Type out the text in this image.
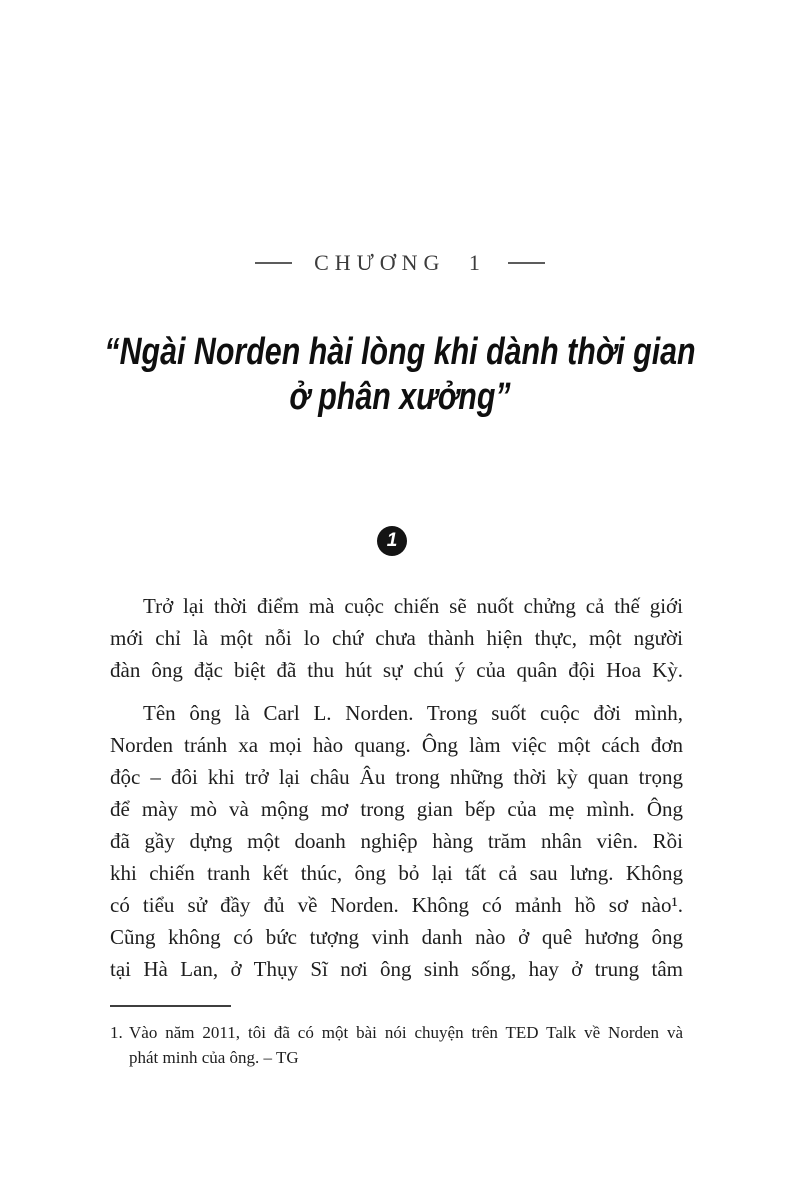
CHƯƠNG 1
“Ngài Norden hài lòng khi dành thời gian
ở phân xưởng”
1
Trở lại thời điểm mà cuộc chiến sẽ nuốt chửng cả thế giới
mới chỉ là một nỗi lo chứ chưa thành hiện thực, một người
đàn ông đặc biệt đã thu hút sự chú ý của quân đội Hoa Kỳ.
Tên ông là Carl L. Norden. Trong suốt cuộc đời mình,
Norden tránh xa mọi hào quang. Ông làm việc một cách đơn
độc – đôi khi trở lại châu Âu trong những thời kỳ quan trọng
để mày mò và mộng mơ trong gian bếp của mẹ mình. Ông
đã gầy dựng một doanh nghiệp hàng trăm nhân viên. Rồi
khi chiến tranh kết thúc, ông bỏ lại tất cả sau lưng. Không
có tiểu sử đầy đủ về Norden. Không có mảnh hồ sơ nào¹.
Cũng không có bức tượng vinh danh nào ở quê hương ông
tại Hà Lan, ở Thụy Sĩ nơi ông sinh sống, hay ở trung tâm
1. Vào năm 2011, tôi đã có một bài nói chuyện trên TED Talk về Norden và
phát minh của ông. – TG
